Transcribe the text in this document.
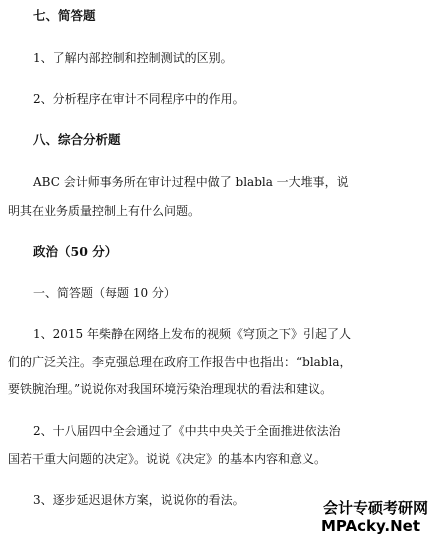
七、简答题
1、了解内部控制和控制测试的区别。
2、分析程序在审计不同程序中的作用。
八、综合分析题
ABC 会计师事务所在审计过程中做了 blabla 一大堆事，说
明其在业务质量控制上有什么问题。
政治（50 分）
一、简答题（每题 10 分）
1、2015 年柴静在网络上发布的视频《穹顶之下》引起了人
们的广泛关注。李克强总理在政府工作报告中也指出：“blabla，
要铁腕治理。”说说你对我国环境污染治理现状的看法和建议。
2、十八届四中全会通过了《中共中央关于全面推进依法治
国若干重大问题的决定》。说说《决定》的基本内容和意义。
3、逐步延迟退休方案，说说你的看法。	会计专硕考研网
MPAcky.Net
